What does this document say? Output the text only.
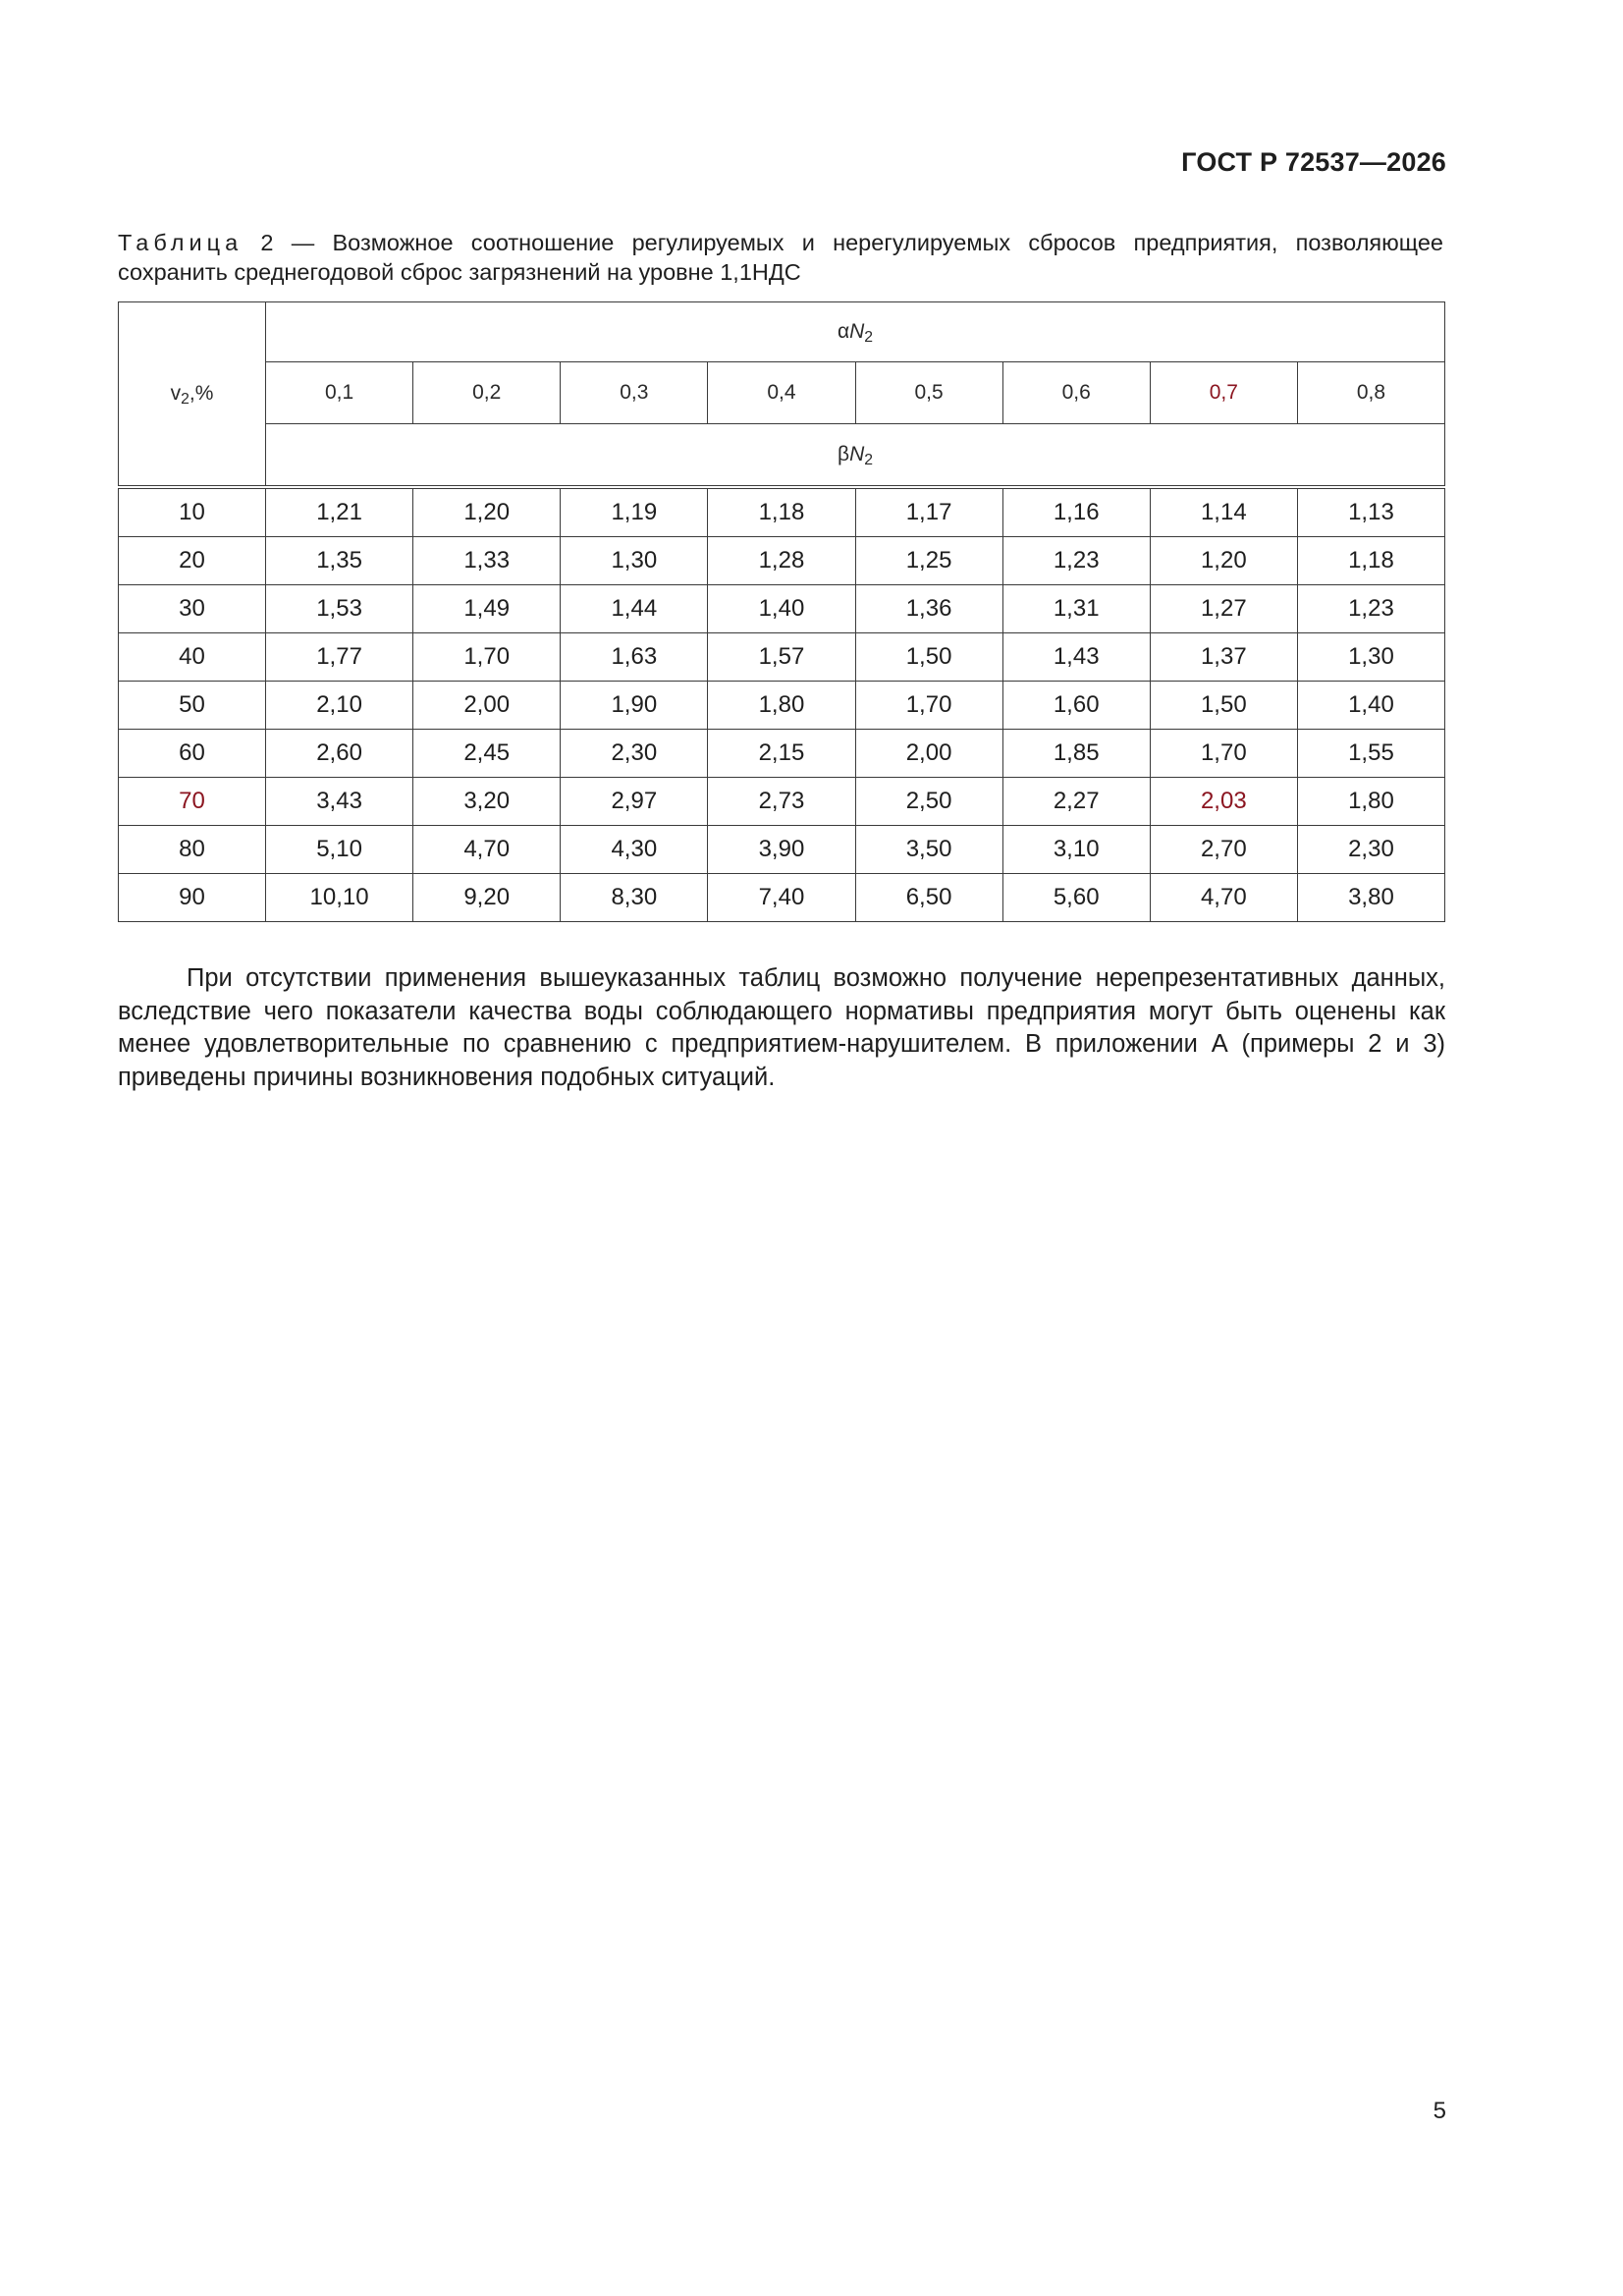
ГОСТ Р 72537—2026
Таблица 2 — Возможное соотношение регулируемых и нерегулируемых сбросов предприятия, позволяющее сохранить среднегодовой сброс загрязнений на уровне 1,1НДС
$v_2,\%$	$\alpha N_2$
	0,1	0,2	0,3	0,4	0,5	0,6	0,7	0,8
	$\beta N_2$

10	1,21	1,20	1,19	1,18	1,17	1,16	1,14	1,13
20	1,35	1,33	1,30	1,28	1,25	1,23	1,20	1,18
30	1,53	1,49	1,44	1,40	1,36	1,31	1,27	1,23
40	1,77	1,70	1,63	1,57	1,50	1,43	1,37	1,30
50	2,10	2,00	1,90	1,80	1,70	1,60	1,50	1,40
60	2,60	2,45	2,30	2,15	2,00	1,85	1,70	1,55
70	3,43	3,20	2,97	2,73	2,50	2,27	2,03	1,80
80	5,10	4,70	4,30	3,90	3,50	3,10	2,70	2,30
90	10,10	9,20	8,30	7,40	6,50	5,60	4,70	3,80
При отсутствии применения вышеуказанных таблиц возможно получение нерепрезентативных данных, вследствие чего показатели качества воды соблюдающего нормативы предприятия могут быть оценены как менее удовлетворительные по сравнению с предприятием-нарушителем. В приложении А (примеры 2 и 3) приведены причины возникновения подобных ситуаций.
5
